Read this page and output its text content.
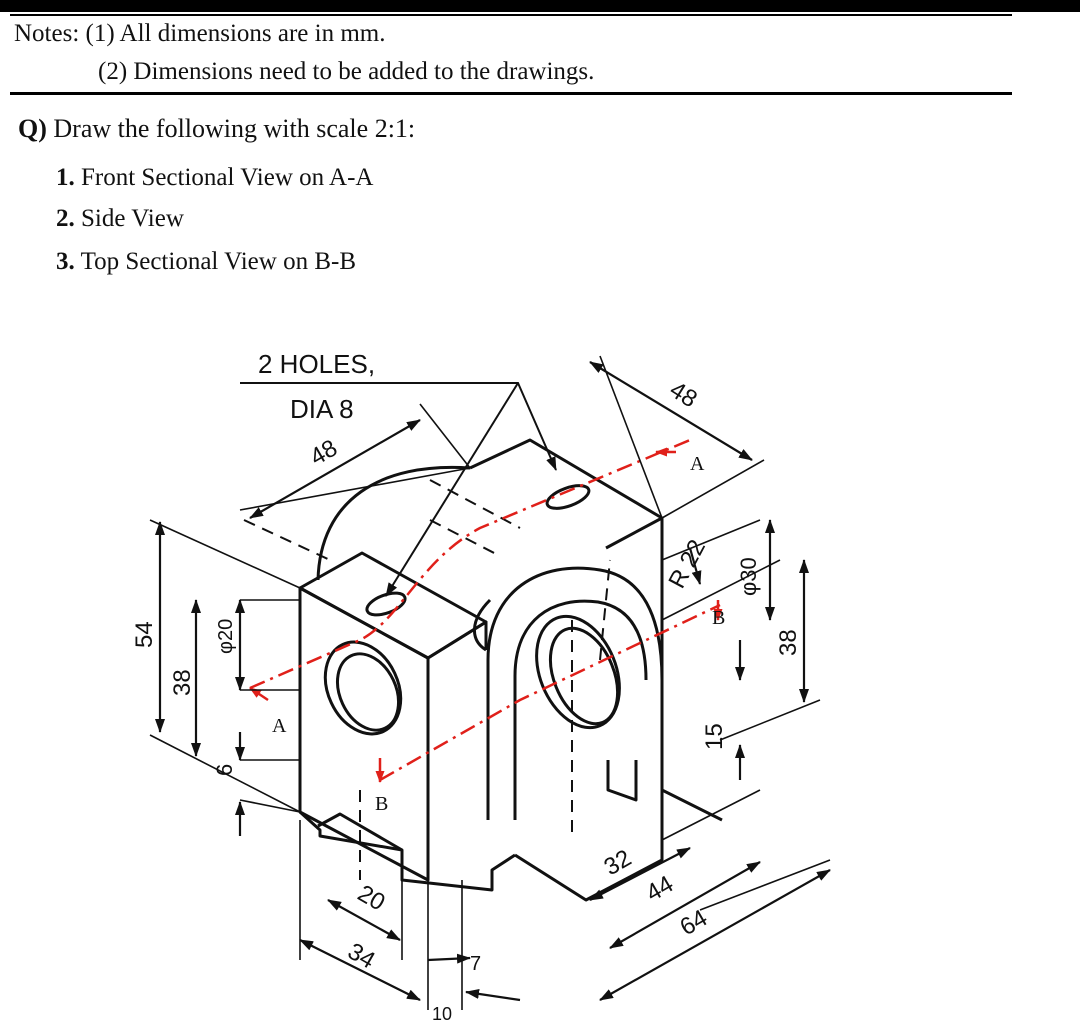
Notes: (1) All dimensions are in mm.
(2) Dimensions need to be added to the drawings.
Q) Draw the following with scale 2:1:
1. Front Sectional View on A-A
2. Side View
3. Top Sectional View on B-B
A
A
B
B
2 HOLES,
DIA 8
48
48
54
38
φ20
6
20
34
10
7
32
44
64
R 22 φ30
15
38
